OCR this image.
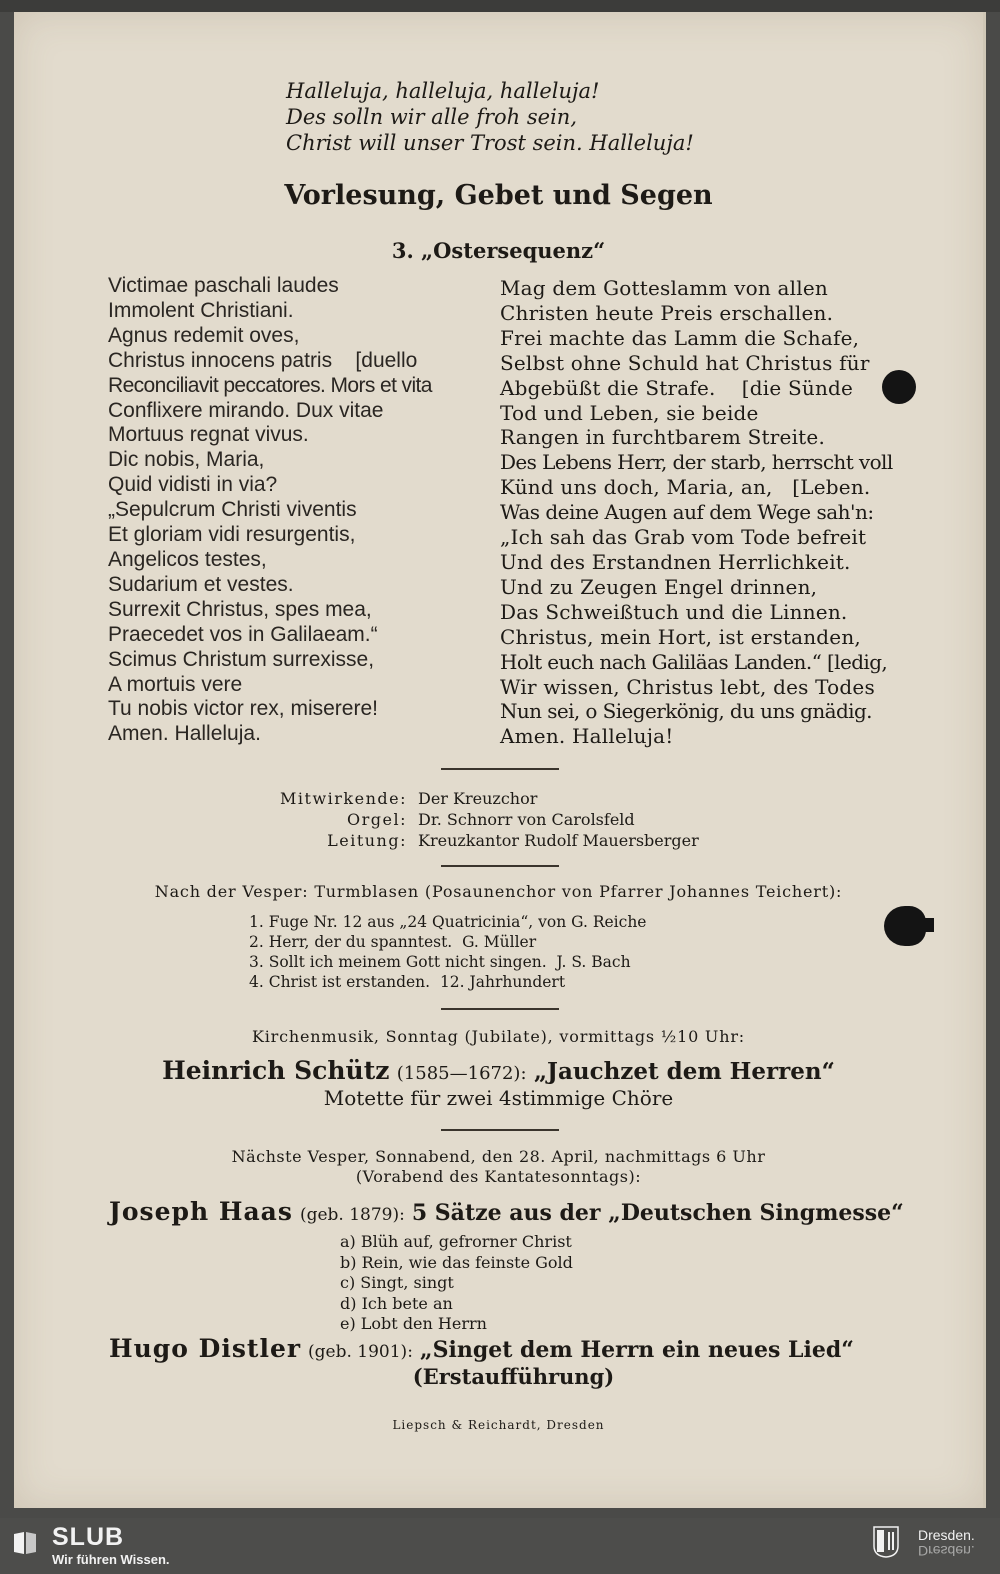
Halleluja, halleluja, halleluja!
Des solln wir alle froh sein,
Christ will unser Trost sein. Halleluja!
Vorlesung, Gebet und Segen
3. „Ostersequenz“
Victimae paschali laudes
Immolent Christiani.
Agnus redemit oves,
Christus innocens patris    [duello
Reconciliavit peccatores. Mors et vita
Conflixere mirando. Dux vitae
Mortuus regnat vivus.
Dic nobis, Maria,
Quid vidisti in via?
„Sepulcrum Christi viventis
Et gloriam vidi resurgentis,
Angelicos testes,
Sudarium et vestes.
Surrexit Christus, spes mea,
Praecedet vos in Galilaeam.“
Scimus Christum surrexisse,
A mortuis vere
Tu nobis victor rex, miserere!
Amen. Halleluja.
Mag dem Gotteslamm von allen
Christen heute Preis erschallen.
Frei machte das Lamm die Schafe,
Selbst ohne Schuld hat Christus für
Abgebüßt die Strafe.    [die Sünde
Tod und Leben, sie beide
Rangen in furchtbarem Streite.
Des Lebens Herr, der starb, herrscht voll
Künd uns doch, Maria, an,   [Leben.
Was deine Augen auf dem Wege sah'n:
„Ich sah das Grab vom Tode befreit
Und des Erstandnen Herrlichkeit.
Und zu Zeugen Engel drinnen,
Das Schweißtuch und die Linnen.
Christus, mein Hort, ist erstanden,
Holt euch nach Galiläas Landen.“ [ledig,
Wir wissen, Christus lebt, des Todes
Nun sei, o Siegerkönig, du uns gnädig.
Amen. Halleluja!
Mitwirkende: Der Kreuzchor
Orgel: Dr. Schnorr von Carolsfeld
Leitung: Kreuzkantor Rudolf Mauersberger
Nach der Vesper: Turmblasen (Posaunenchor von Pfarrer Johannes Teichert):
1. Fuge Nr. 12 aus „24 Quatricinia“, von G. Reiche
2. Herr, der du spanntest.  G. Müller
3. Sollt ich meinem Gott nicht singen.  J. S. Bach
4. Christ ist erstanden.  12. Jahrhundert
Kirchenmusik, Sonntag (Jubilate), vormittags ½10 Uhr:
Heinrich Schütz (1585—1672): „Jauchzet dem Herren“
Motette für zwei 4stimmige Chöre
Nächste Vesper, Sonnabend, den 28. April, nachmittags 6 Uhr
(Vorabend des Kantatesonntags):
Joseph Haas (geb. 1879): 5 Sätze aus der „Deutschen Singmesse“
a) Blüh auf, gefrorner Christ
b) Rein, wie das feinste Gold
c) Singt, singt
d) Ich bete an
e) Lobt den Herrn
Hugo Distler (geb. 1901): „Singet dem Herrn ein neues Lied“
(Erstaufführung)
Liepsch & Reichardt, Dresden
SLUB
Wir führen Wissen.
Dresden.
Dresden.
